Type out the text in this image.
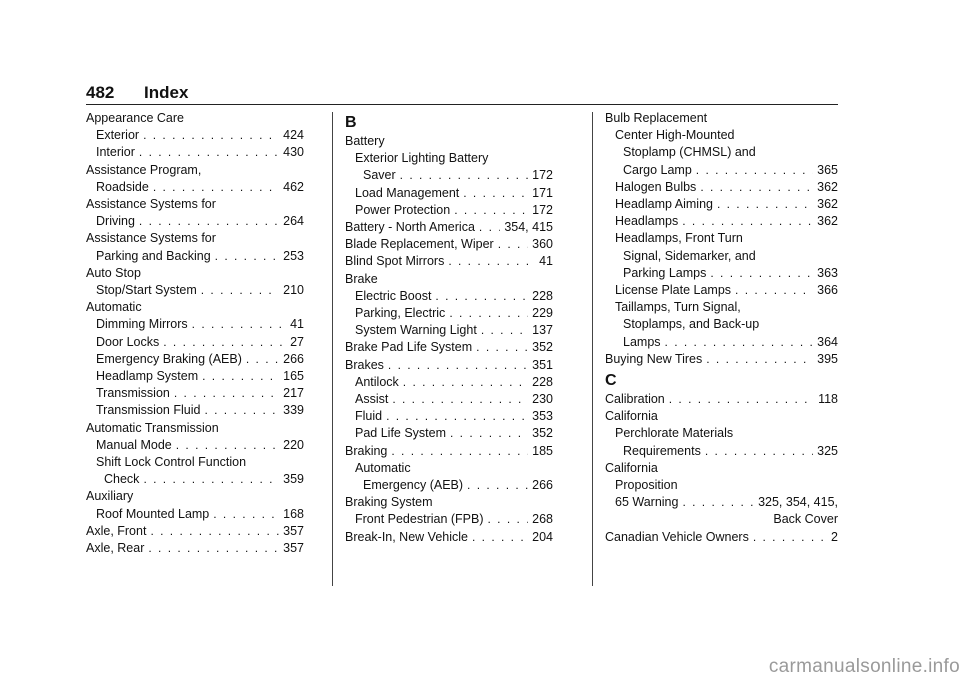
482 Index
Appearance Care
Exterior . . .	424
Interior . . .	430
Assistance Program,
Roadside . . .	462
Assistance Systems for
Driving . . .	264
Assistance Systems for
Parking and Backing . . .	253
Auto Stop
Stop/Start System . . .	210
Automatic
Dimming Mirrors . . .	41
Door Locks . . .	27
Emergency Braking (AEB) . . .	266
Headlamp System . . .	165
Transmission . . .	217
Transmission Fluid . . .	339
Automatic Transmission
Manual Mode . . .	220
Shift Lock Control Function
Check . . .	359
Auxiliary
Roof Mounted Lamp . . .	168
Axle, Front . . .	357
Axle, Rear . . .	357
B
Battery
Exterior Lighting Battery
Saver . . .	172
Load Management . . .	171
Power Protection . . .	172
Battery - North America . . . 354, 415
Blade Replacement, Wiper . . .	360
Blind Spot Mirrors . . .	41
Brake
Electric Boost . . .	228
Parking, Electric . . .	229
System Warning Light . . .	137
Brake Pad Life System . . .	352
Brakes . . .	351
Antilock . . .	228
Assist . . .	230
Fluid . . .	353
Pad Life System . . .	352
Braking . . .	185
Automatic
Emergency (AEB) . . .	266
Braking System
Front Pedestrian (FPB) . . .	268
Break-In, New Vehicle . . .	204
Bulb Replacement
Center High-Mounted
Stoplamp (CHMSL) and
Cargo Lamp . . .	365
Halogen Bulbs . . .	362
Headlamp Aiming . . .	362
Headlamps . . .	362
Headlamps, Front Turn
Signal, Sidemarker, and
Parking Lamps . . .	363
License Plate Lamps . . .	366
Taillamps, Turn Signal,
Stoplamps, and Back-up
Lamps . . .	364
Buying New Tires . . .	395
C
Calibration . . .	118
California
Perchlorate Materials
Requirements . . .	325
California
Proposition
65 Warning . . .	325, 354, 415,
Back Cover
Canadian Vehicle Owners . . .	2
carmanualsonline.info
